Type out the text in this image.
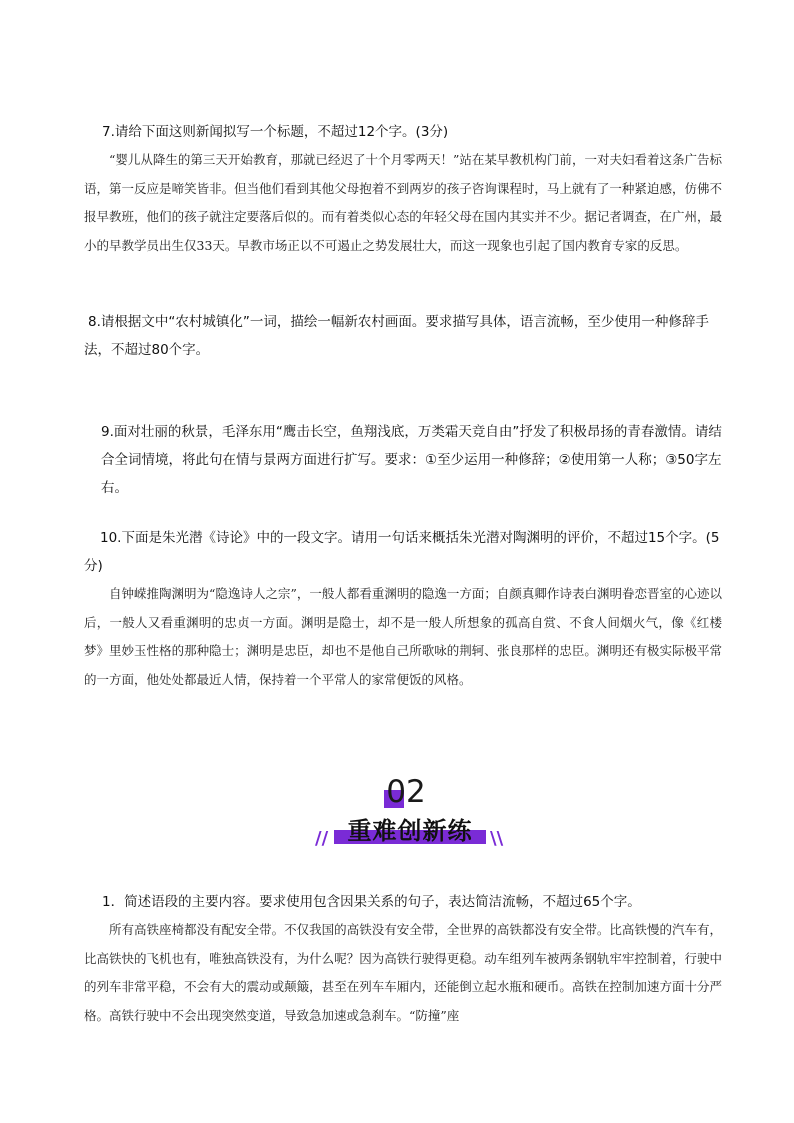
7.请给下面这则新闻拟写一个标题，不超过12个字。(3分)

“婴儿从降生的第三天开始教育，那就已经迟了十个月零两天！”站在某早教机构门前，一对夫妇看着这条广告标语，第一反应是啼笑皆非。但当他们看到其他父母抱着不到两岁的孩子咨询课程时，马上就有了一种紧迫感，仿佛不报早教班，他们的孩子就注定要落后似的。而有着类似心态的年轻父母在国内其实并不少。据记者调查，在广州，最小的早教学员出生仅33天。早教市场正以不可遏止之势发展壮大，而这一现象也引起了国内教育专家的反思。

8.请根据文中“农村城镇化”一词，描绘一幅新农村画面。要求描写具体，语言流畅，至少使用一种修辞手法，不超过80个字。
9.面对壮丽的秋景，毛泽东用“鹰击长空，鱼翔浅底，万类霜天竞自由”抒发了积极昂扬的青春激情。请结合全词情境，将此句在情与景两方面进行扩写。要求：①至少运用一种修辞；②使用第一人称；③50字左右。
10.下面是朱光潜《诗论》中的一段文字。请用一句话来概括朱光潜对陶渊明的评价，不超过15个字。(5分)

自钟嵘推陶渊明为“隐逸诗人之宗”，一般人都看重渊明的隐逸一方面；自颜真卿作诗表白渊明眷恋晋室的心迹以后，一般人又看重渊明的忠贞一方面。渊明是隐士，却不是一般人所想象的孤高自赏、不食人间烟火气，像《红楼梦》里妙玉性格的那种隐士；渊明是忠臣，却也不是他自己所歌咏的荆轲、张良那样的忠臣。渊明还有极实际极平常的一方面，他处处都最近人情，保持着一个平常人的家常便饭的风格。

02
// 重难创新练 \\
1．简述语段的主要内容。要求使用包含因果关系的句子，表达简洁流畅，不超过65个字。

所有高铁座椅都没有配安全带。不仅我国的高铁没有安全带，全世界的高铁都没有安全带。比高铁慢的汽车有，比高铁快的飞机也有，唯独高铁没有，为什么呢？因为高铁行驶得更稳。动车组列车被两条钢轨牢牢控制着，行驶中的列车非常平稳，不会有大的震动或颠簸，甚至在列车车厢内，还能倒立起水瓶和硬币。高铁在控制加速方面十分严格。高铁行驶中不会出现突然变道，导致急加速或急刹车。“防撞”座
